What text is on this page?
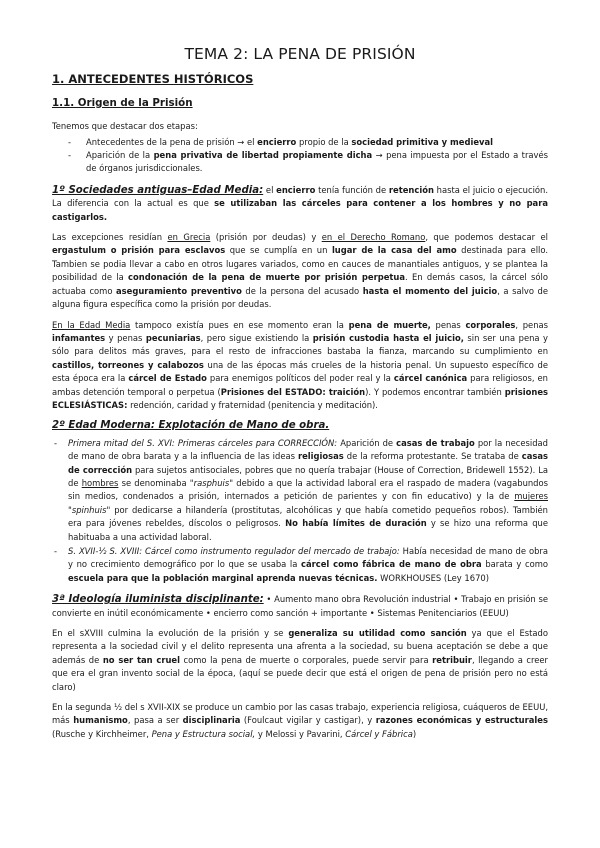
TEMA 2: LA PENA DE PRISIÓN
1. ANTECEDENTES HISTÓRICOS
1.1. Origen de la Prisión

Tenemos que destacar dos etapas:

- Antecedentes de la pena de prisión → el encierro propio de la sociedad primitiva y medieval
- Aparición de la pena privativa de libertad propiamente dicha → pena impuesta por el Estado a través de órganos jurisdiccionales.

1º Sociedades antiguas–Edad Media: el encierro tenía función de retención hasta el juicio o ejecución. La diferencia con la actual es que se utilizaban las cárceles para contener a los hombres y no para castigarlos.

Las excepciones residían en Grecia (prisión por deudas) y en el Derecho Romano, que podemos destacar el ergastulum o prisión para esclavos que se cumplía en un lugar de la casa del amo destinada para ello. Tambien se podia llevar a cabo en otros lugares variados, como en cauces de manantiales antiguos, y se plantea la posibilidad de la condonación de la pena de muerte por prisión perpetua. En demás casos, la cárcel sólo actuaba como aseguramiento preventivo de la persona del acusado hasta el momento del juicio, a salvo de alguna figura específica como la prisión por deudas.

En la Edad Media tampoco existía pues en ese momento eran la pena de muerte, penas corporales, penas infamantes y penas pecuniarias, pero sigue existiendo la prisión custodia hasta el juicio, sin ser una pena y sólo para delitos más graves, para el resto de infracciones bastaba la fianza, marcando su cumplimiento en castillos, torreones y calabozos una de las épocas más crueles de la historia penal. Un supuesto específico de esta época era la cárcel de Estado para enemigos políticos del poder real y la cárcel canónica para religiosos, en ambas detención temporal o perpetua (Prisiones del ESTADO: traición). Y podemos encontrar también prisiones ECLESIÁSTICAS: redención, caridad y fraternidad (penitencia y meditación).

2º Edad Moderna: Explotación de Mano de obra.
- Primera mitad del S. XVI: Primeras cárceles para CORRECCIÓN: Aparición de casas de trabajo por la necesidad de mano de obra barata y a la influencia de las ideas religiosas de la reforma protestante. Se trataba de casas de corrección para sujetos antisociales, pobres que no quería trabajar (House of Correction, Bridewell 1552). La de hombres se denominaba "rasphuis" debido a que la actividad laboral era el raspado de madera (vagabundos sin medios, condenados a prisión, internados a petición de parientes y con fin educativo) y la de mujeres "spinhuis" por dedicarse a hilandería (prostitutas, alcohólicas y que había cometido pequeños robos). También era para jóvenes rebeldes, díscolos o peligrosos. No había límites de duración y se hizo una reforma que habituaba a una actividad laboral.
- S. XVII-½ S. XVIII: Cárcel como instrumento regulador del mercado de trabajo: Había necesidad de mano de obra y no crecimiento demográfico por lo que se usaba la cárcel como fábrica de mano de obra barata y como escuela para que la población marginal aprenda nuevas técnicas. WORKHOUSES (Ley 1670)

3ª Ideología iluminista disciplinante: • Aumento mano obra Revolución industrial • Trabajo en prisión se convierte en inútil económicamente • encierro como sanción + importante • Sistemas Penitenciarios (EEUU)

En el sXVIII culmina la evolución de la prisión y se generaliza su utilidad como sanción ya que el Estado representa a la sociedad civil y el delito representa una afrenta a la sociedad, su buena aceptación se debe a que además de no ser tan cruel como la pena de muerte o corporales, puede servir para retribuir, llegando a creer que era el gran invento social de la época, (aquí se puede decir que está el origen de pena de prisión pero no está claro)

En la segunda ½ del s XVII-XIX se produce un cambio por las casas trabajo, experiencia religiosa, cuáqueros de EEUU, más humanismo, pasa a ser disciplinaria (Foulcaut vigilar y castigar), y razones económicas y estructurales (Rusche y Kirchheimer, Pena y Estructura social, y Melossi y Pavarini, Cárcel y Fábrica)
